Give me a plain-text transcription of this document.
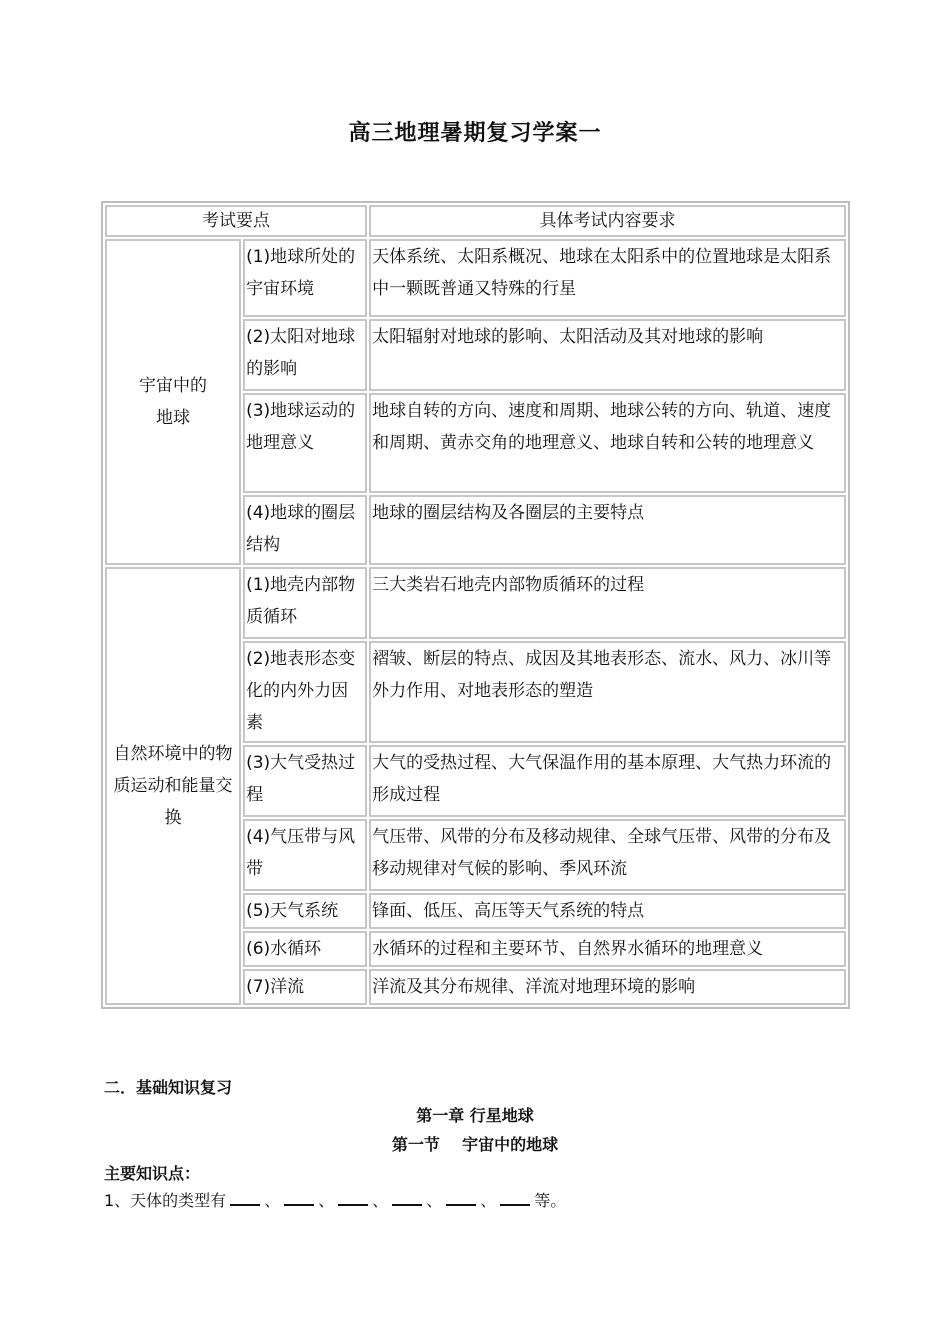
高三地理暑期复习学案一
考试要点		具体考试内容要求
宇宙中的
地球	(1)地球所处的宇宙环境	天体系统、太阳系概况、地球在太阳系中的位置地球是太阳系中一颗既普通又特殊的行星
	(2)太阳对地球的影响	太阳辐射对地球的影响、太阳活动及其对地球的影响
	(3)地球运动的地理意义	地球自转的方向、速度和周期、地球公转的方向、轨道、速度和周期、黄赤交角的地理意义、地球自转和公转的地理意义
	(4)地球的圈层结构	地球的圈层结构及各圈层的主要特点
自然环境中的物质运动和能量交换	(1)地壳内部物质循环	三大类岩石地壳内部物质循环的过程
	(2)地表形态变化的内外力因素	褶皱、断层的特点、成因及其地表形态、流水、风力、冰川等外力作用、对地表形态的塑造
	(3)大气受热过程	大气的受热过程、大气保温作用的基本原理、大气热力环流的形成过程
	(4)气压带与风带	气压带、风带的分布及移动规律、全球气压带、风带的分布及移动规律对气候的影响、季风环流
	(5)天气系统	锋面、低压、高压等天气系统的特点
	(6)水循环	水循环的过程和主要环节、自然界水循环的地理意义
	(7)洋流	洋流及其分布规律、洋流对地理环境的影响
二．基础知识复习
第一章 行星地球
第一节    宇宙中的地球
主要知识点：
1、天体的类型有 、 、 、 、 、 等。
